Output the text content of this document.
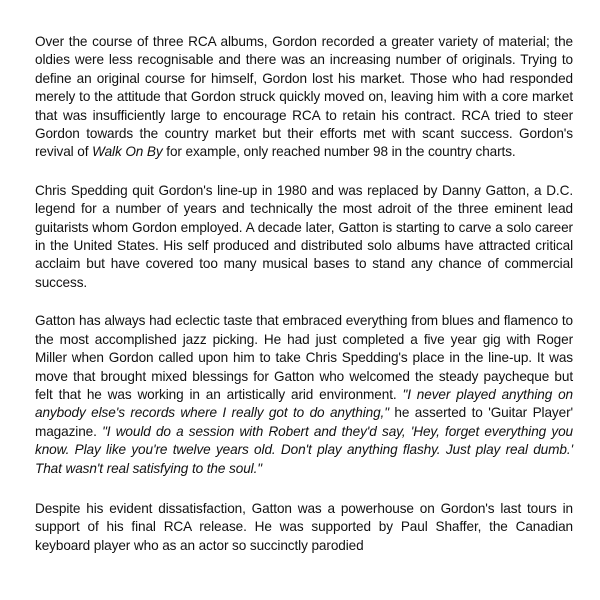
Over the course of three RCA albums, Gordon recorded a greater variety of material; the oldies were less recognisable and there was an increasing number of originals. Trying to define an original course for himself, Gordon lost his market. Those who had responded merely to the attitude that Gordon struck quickly moved on, leaving him with a core market that was insufficiently large to encourage RCA to retain his contract. RCA tried to steer Gordon towards the country market but their efforts met with scant success. Gordon's revival of Walk On By for example, only reached number 98 in the country charts.

Chris Spedding quit Gordon's line-up in 1980 and was replaced by Danny Gatton, a D.C. legend for a number of years and technically the most adroit of the three eminent lead guitarists whom Gordon employed. A decade later, Gatton is starting to carve a solo career in the United States. His self produced and distributed solo albums have attracted critical acclaim but have covered too many musical bases to stand any chance of commercial success.

Gatton has always had eclectic taste that embraced everything from blues and flamenco to the most accomplished jazz picking. He had just completed a five year gig with Roger Miller when Gordon called upon him to take Chris Spedding's place in the line-up. It was move that brought mixed blessings for Gatton who welcomed the steady paycheque but felt that he was working in an artistically arid environment. "I never played anything on anybody else's records where I really got to do anything," he asserted to 'Guitar Player' magazine. "I would do a session with Robert and they'd say, 'Hey, forget everything you know. Play like you're twelve years old. Don't play anything flashy. Just play real dumb.' That wasn't real satisfying to the soul."

Despite his evident dissatisfaction, Gatton was a powerhouse on Gordon's last tours in support of his final RCA release. He was supported by Paul Shaffer, the Canadian keyboard player who as an actor so succinctly parodied
